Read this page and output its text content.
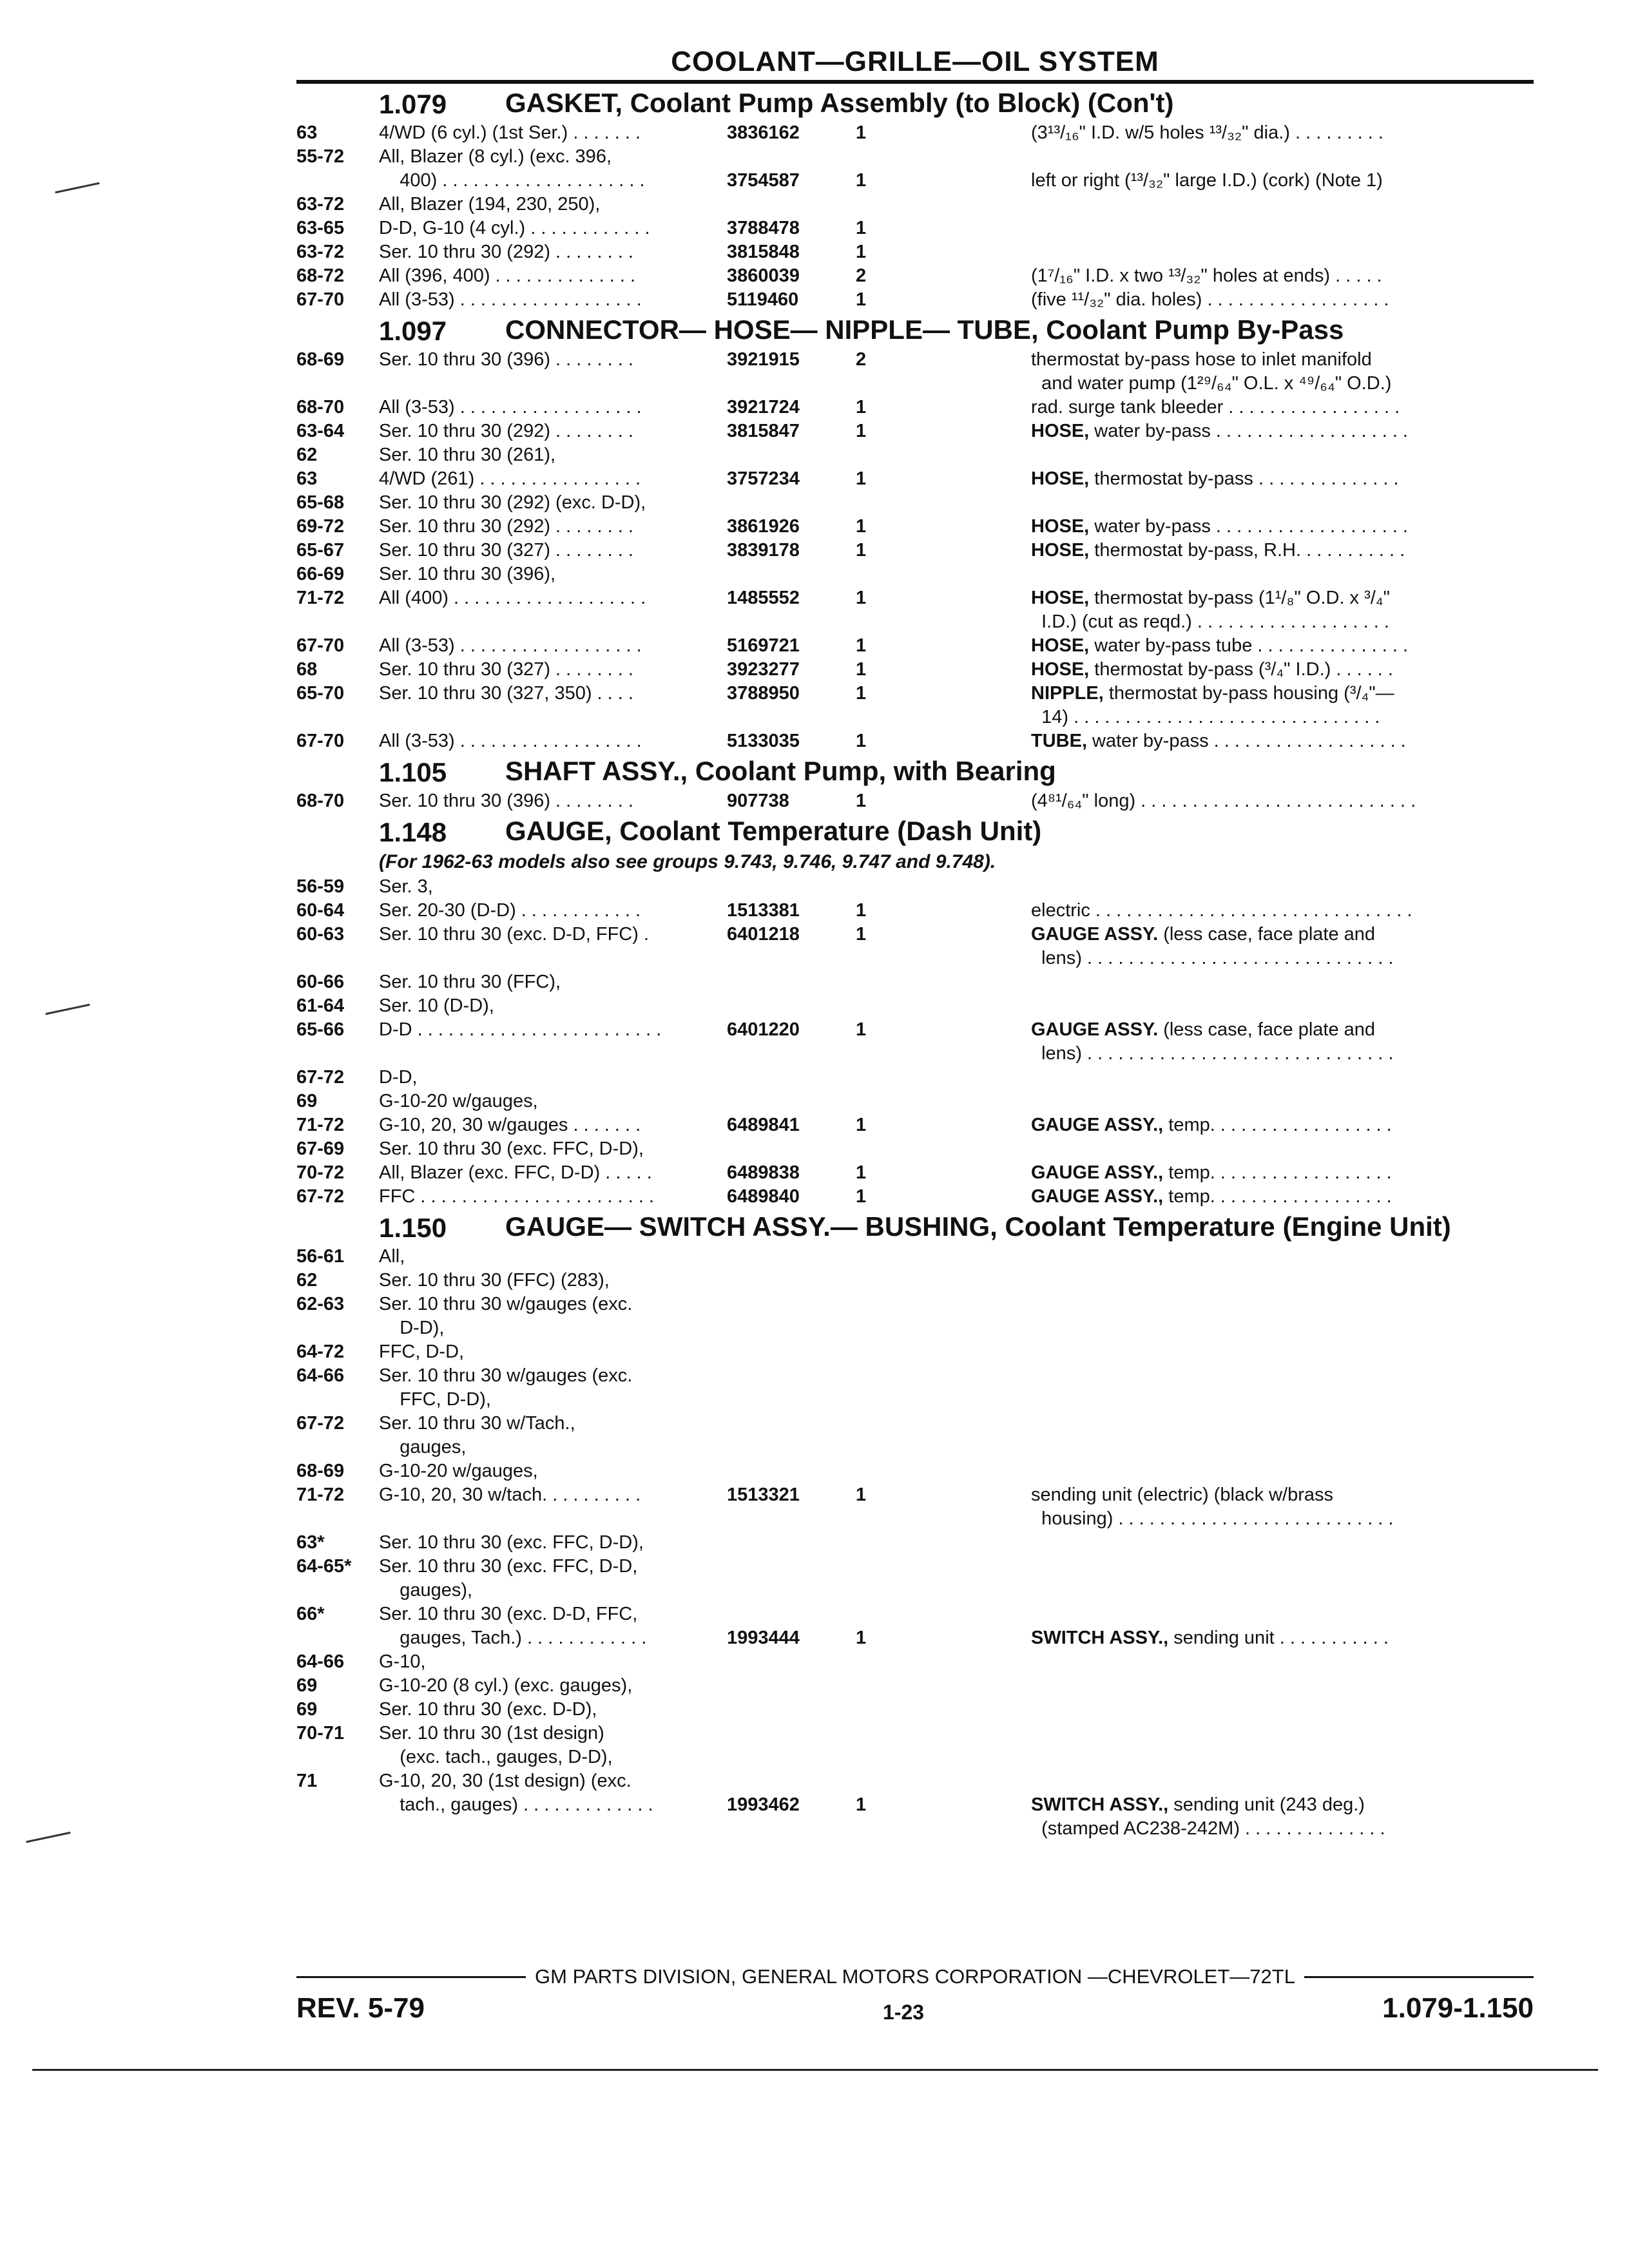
COOLANT—GRILLE—OIL SYSTEM
1.079	GASKET, Coolant Pump Assembly (to Block) (Con't)
63	4/WD (6 cyl.) (1st Ser.) . . . . . . .	3836162	1	(3¹³/₁₆" I.D. w/5 holes ¹³/₃₂" dia.) . . . . . . . . .
55-72	All, Blazer (8 cyl.) (exc. 396,
400) . . . . . . . . . . . . . . . . . . . .	3754587	1	left or right (¹³/₃₂" large I.D.) (cork) (Note 1)
63-72	All, Blazer (194, 230, 250),
63-65	D-D, G-10 (4 cyl.) . . . . . . . . . . . .	3788478	1
63-72	Ser. 10 thru 30 (292) . . . . . . . .	3815848	1
68-72	All (396, 400) . . . . . . . . . . . . . .	3860039	2	(1⁷/₁₆" I.D. x two ¹³/₃₂" holes at ends) . . . . .
67-70	All (3-53) . . . . . . . . . . . . . . . . . .	5119460	1	(five ¹¹/₃₂" dia. holes) . . . . . . . . . . . . . . . . . .
1.097	CONNECTOR— HOSE— NIPPLE— TUBE, Coolant Pump By-Pass
68-69	Ser. 10 thru 30 (396) . . . . . . . .	3921915	2	thermostat by-pass hose to inlet manifold
and water pump (1²⁹/₆₄" O.L. x ⁴⁹/₆₄" O.D.)
68-70	All (3-53) . . . . . . . . . . . . . . . . . .	3921724	1	rad. surge tank bleeder . . . . . . . . . . . . . . . . .
63-64	Ser. 10 thru 30 (292) . . . . . . . .	3815847	1	HOSE, water by-pass . . . . . . . . . . . . . . . . . . .
62	Ser. 10 thru 30 (261),
63	4/WD (261) . . . . . . . . . . . . . . . .	3757234	1	HOSE, thermostat by-pass . . . . . . . . . . . . . .
65-68	Ser. 10 thru 30 (292) (exc. D-D),
69-72	Ser. 10 thru 30 (292) . . . . . . . .	3861926	1	HOSE, water by-pass . . . . . . . . . . . . . . . . . . .
65-67	Ser. 10 thru 30 (327) . . . . . . . .	3839178	1	HOSE, thermostat by-pass, R.H. . . . . . . . . . .
66-69	Ser. 10 thru 30 (396),
71-72	All (400) . . . . . . . . . . . . . . . . . . .	1485552	1	HOSE, thermostat by-pass (1¹/₈" O.D. x ³/₄"
I.D.) (cut as reqd.) . . . . . . . . . . . . . . . . . . .
67-70	All (3-53) . . . . . . . . . . . . . . . . . .	5169721	1	HOSE, water by-pass tube . . . . . . . . . . . . . . .
68	Ser. 10 thru 30 (327) . . . . . . . .	3923277	1	HOSE, thermostat by-pass (³/₄" I.D.) . . . . . .
65-70	Ser. 10 thru 30 (327, 350) . . . .	3788950	1	NIPPLE, thermostat by-pass housing (³/₄"—
14) . . . . . . . . . . . . . . . . . . . . . . . . . . . . . .
67-70	All (3-53) . . . . . . . . . . . . . . . . . .	5133035	1	TUBE, water by-pass . . . . . . . . . . . . . . . . . . .
1.105	SHAFT ASSY., Coolant Pump, with Bearing
68-70	Ser. 10 thru 30 (396) . . . . . . . .	907738	1	(4⁸¹/₆₄" long) . . . . . . . . . . . . . . . . . . . . . . . . . . .
1.148	GAUGE, Coolant Temperature (Dash Unit)
(For 1962-63 models also see groups 9.743, 9.746, 9.747 and 9.748).
56-59	Ser. 3,
60-64	Ser. 20-30 (D-D) . . . . . . . . . . . .	1513381	1	electric . . . . . . . . . . . . . . . . . . . . . . . . . . . . . . .
60-63	Ser. 10 thru 30 (exc. D-D, FFC) .	6401218	1	GAUGE ASSY. (less case, face plate and
lens) . . . . . . . . . . . . . . . . . . . . . . . . . . . . . .
60-66	Ser. 10 thru 30 (FFC),
61-64	Ser. 10 (D-D),
65-66	D-D . . . . . . . . . . . . . . . . . . . . . . . .	6401220	1	GAUGE ASSY. (less case, face plate and
lens) . . . . . . . . . . . . . . . . . . . . . . . . . . . . . .
67-72	D-D,
69	G-10-20 w/gauges,
71-72	G-10, 20, 30 w/gauges . . . . . . .	6489841	1	GAUGE ASSY., temp. . . . . . . . . . . . . . . . . .
67-69	Ser. 10 thru 30 (exc. FFC, D-D),
70-72	All, Blazer (exc. FFC, D-D) . . . . .	6489838	1	GAUGE ASSY., temp. . . . . . . . . . . . . . . . . .
67-72	FFC . . . . . . . . . . . . . . . . . . . . . . .	6489840	1	GAUGE ASSY., temp. . . . . . . . . . . . . . . . . .
1.150	GAUGE— SWITCH ASSY.— BUSHING, Coolant Temperature (Engine Unit)
56-61	All,
62	Ser. 10 thru 30 (FFC) (283),
62-63	Ser. 10 thru 30 w/gauges (exc.
D-D),
64-72	FFC, D-D,
64-66	Ser. 10 thru 30 w/gauges (exc.
FFC, D-D),
67-72	Ser. 10 thru 30 w/Tach.,
gauges,
68-69	G-10-20 w/gauges,
71-72	G-10, 20, 30 w/tach. . . . . . . . . .	1513321	1	sending unit (electric) (black w/brass
housing) . . . . . . . . . . . . . . . . . . . . . . . . . . .
63*	Ser. 10 thru 30 (exc. FFC, D-D),
64-65*	Ser. 10 thru 30 (exc. FFC, D-D,
gauges),
66*	Ser. 10 thru 30 (exc. D-D, FFC,
gauges, Tach.) . . . . . . . . . . . .	1993444	1	SWITCH ASSY., sending unit . . . . . . . . . . .
64-66	G-10,
69	G-10-20 (8 cyl.) (exc. gauges),
69	Ser. 10 thru 30 (exc. D-D),
70-71	Ser. 10 thru 30 (1st design)
(exc. tach., gauges, D-D),
71	G-10, 20, 30 (1st design) (exc.
tach., gauges) . . . . . . . . . . . . .	1993462	1	SWITCH ASSY., sending unit (243 deg.)
(stamped AC238-242M) . . . . . . . . . . . . . .
GM PARTS DIVISION, GENERAL MOTORS CORPORATION —CHEVROLET—72TL
REV. 5-79	1-23	1.079-1.150
